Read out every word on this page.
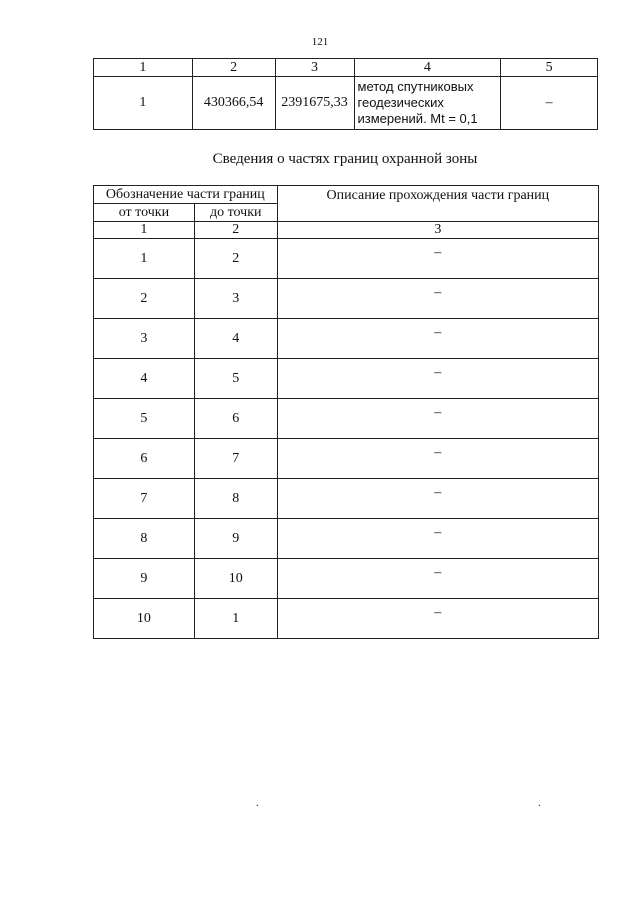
121
1	2	3	4	5
1	430366,54	2391675,33	метод спутниковых
геодезических
измерений. Mt = 0,1	–
Сведения о частях границ охранной зоны
Обозначение части границ		Описание прохождения части границ
от точки	до точки	
1	2	3
1	2	–
2	3	–
3	4	–
4	5	–
5	6	–
6	7	–
7	8	–
8	9	–
9	10	–
10	1	–
.	.
